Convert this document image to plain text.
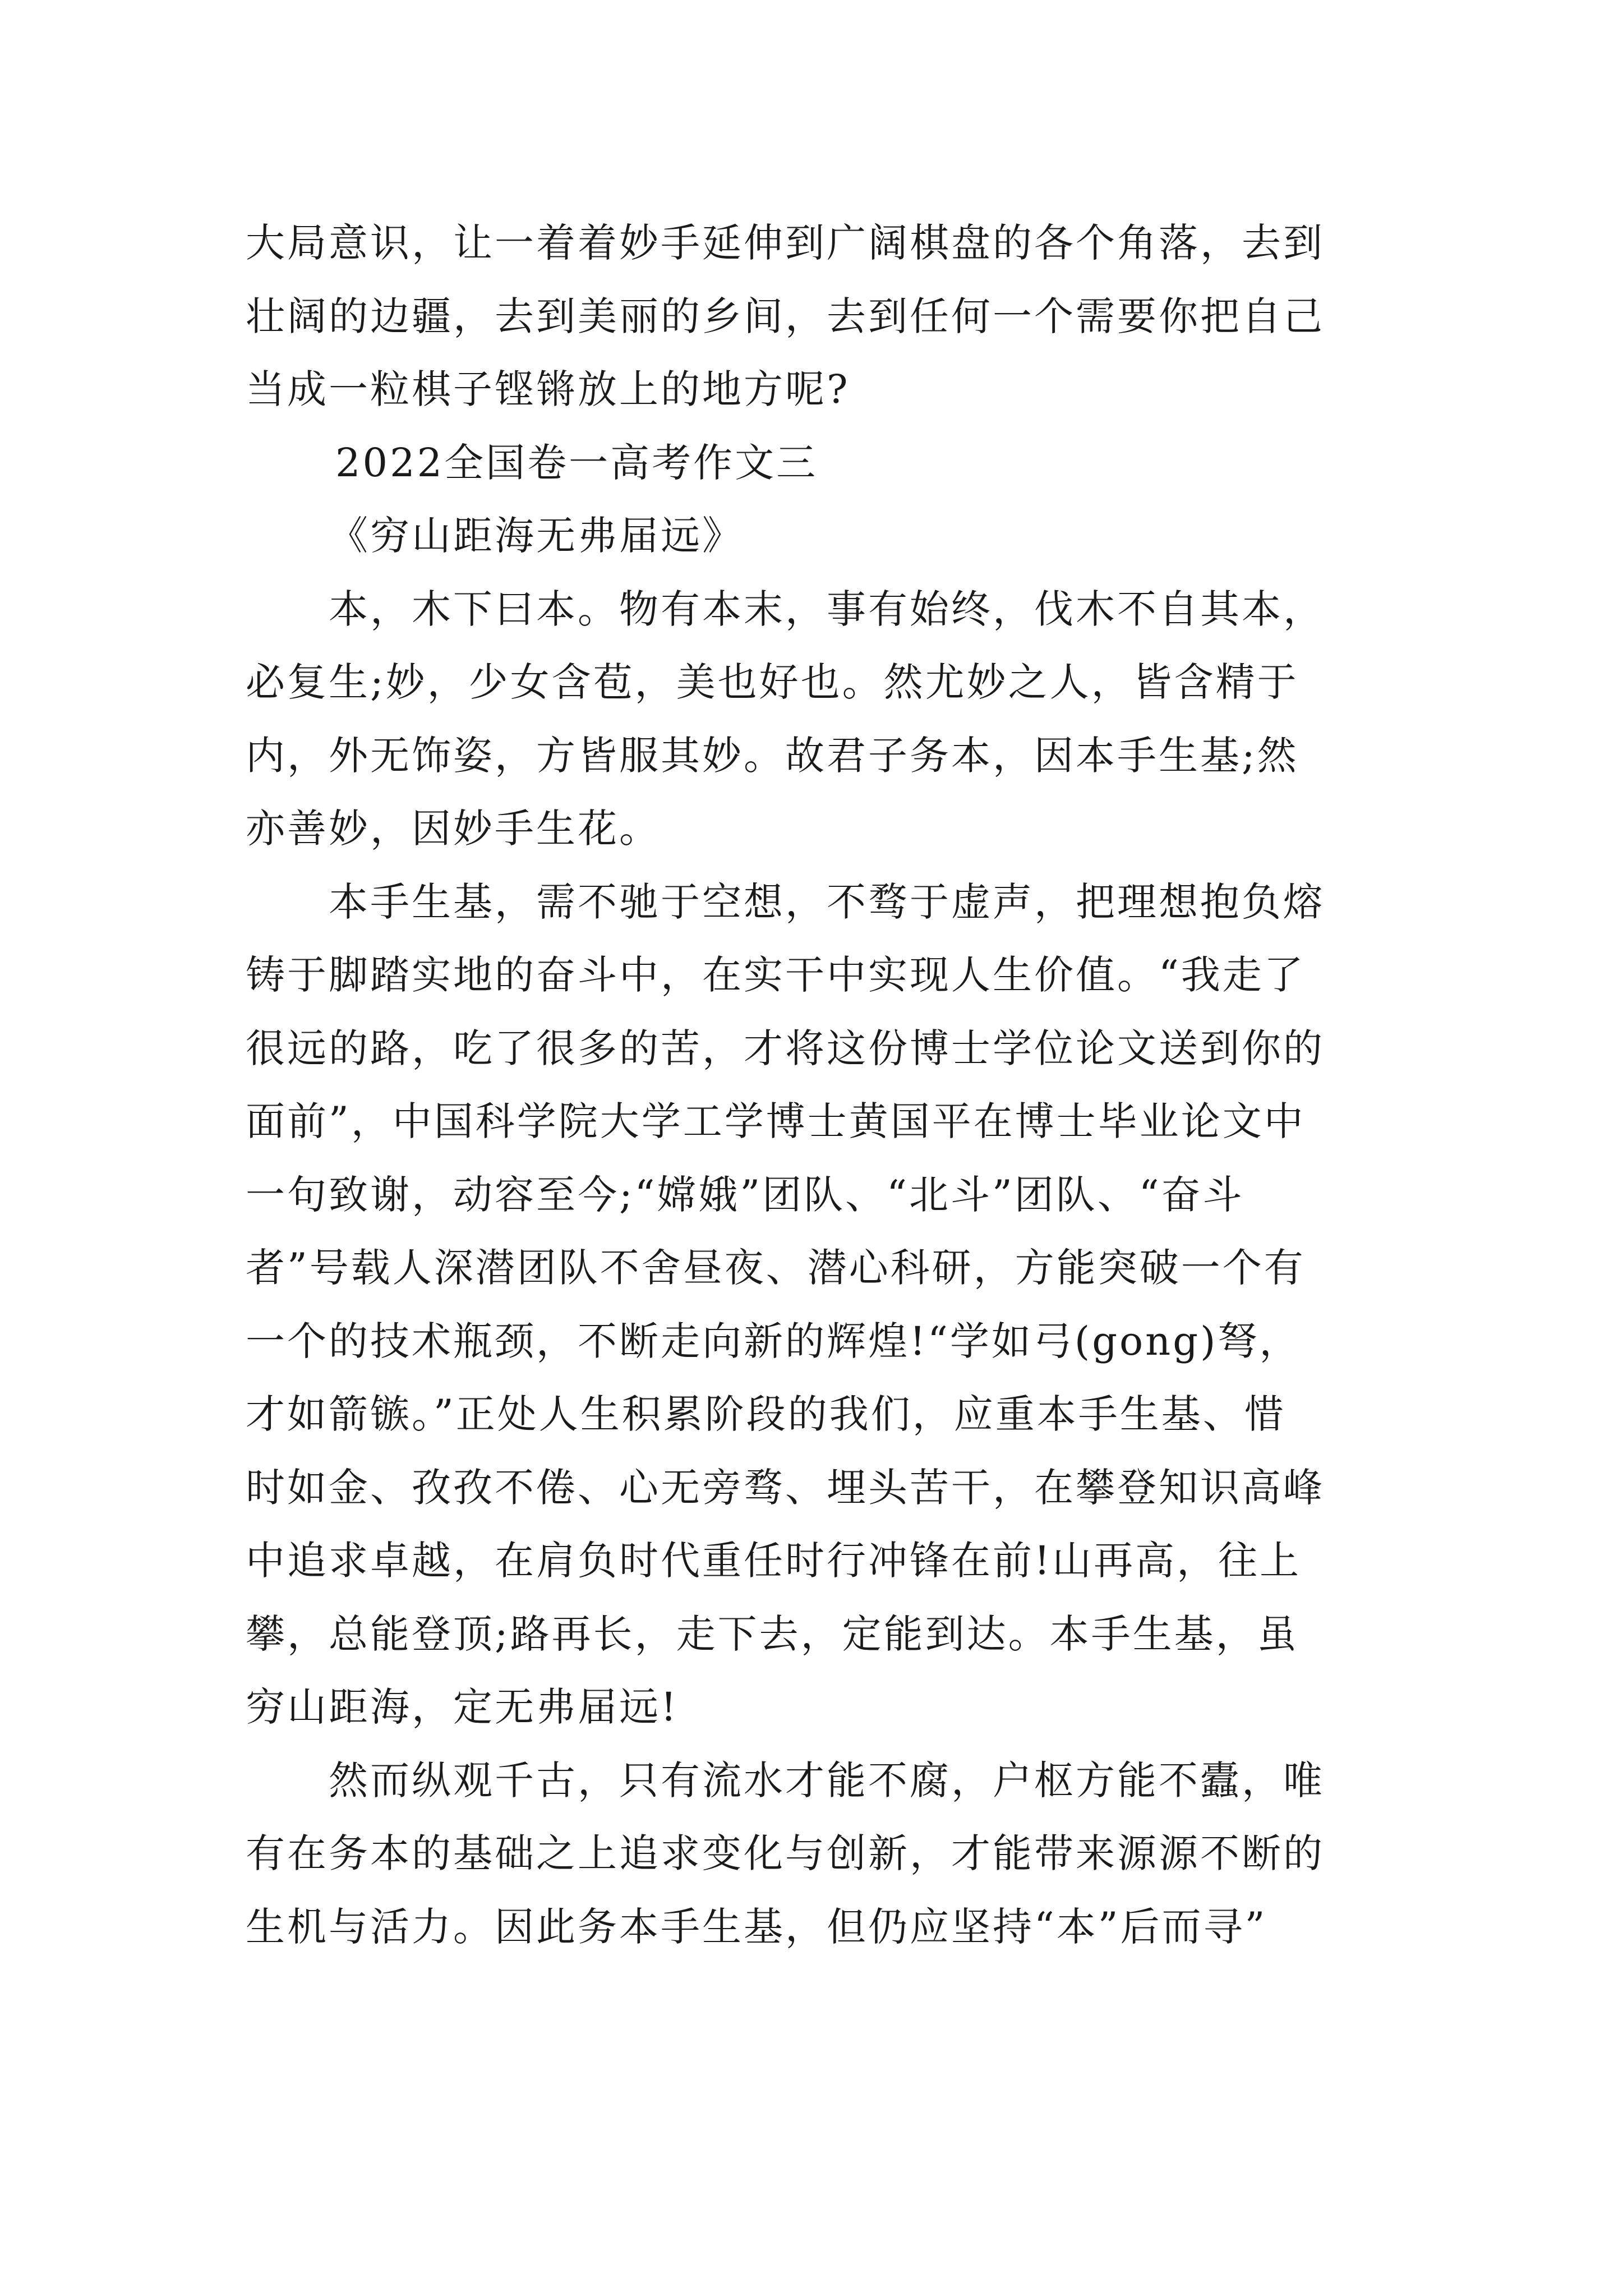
大局意识，让一着着妙手延伸到广阔棋盘的各个角落，去到
壮阔的边疆，去到美丽的乡间，去到任何一个需要你把自己
当成一粒棋子铿锵放上的地方呢?
2022全国卷一高考作文三
《穷山距海无弗届远》
本，木下曰本。物有本末，事有始终，伐木不自其本，
必复生;妙，少女含苞，美也好也。然尤妙之人，皆含精于
内，外无饰姿，方皆服其妙。故君子务本，因本手生基;然
亦善妙，因妙手生花。
本手生基，需不驰于空想，不骛于虚声，把理想抱负熔
铸于脚踏实地的奋斗中，在实干中实现人生价值。“我走了
很远的路，吃了很多的苦，才将这份博士学位论文送到你的
面前”，中国科学院大学工学博士黄国平在博士毕业论文中
一句致谢，动容至今;“嫦娥”团队、“北斗”团队、“奋斗
者”号载人深潜团队不舍昼夜、潜心科研，方能突破一个有
一个的技术瓶颈，不断走向新的辉煌!“学如弓(gong)弩，
才如箭镞。”正处人生积累阶段的我们，应重本手生基、惜
时如金、孜孜不倦、心无旁骛、埋头苦干，在攀登知识高峰
中追求卓越，在肩负时代重任时行冲锋在前!山再高，往上
攀，总能登顶;路再长，走下去，定能到达。本手生基，虽
穷山距海，定无弗届远!
然而纵观千古，只有流水才能不腐，户枢方能不蠹，唯
有在务本的基础之上追求变化与创新，才能带来源源不断的
生机与活力。因此务本手生基，但仍应坚持“本”后而寻”
